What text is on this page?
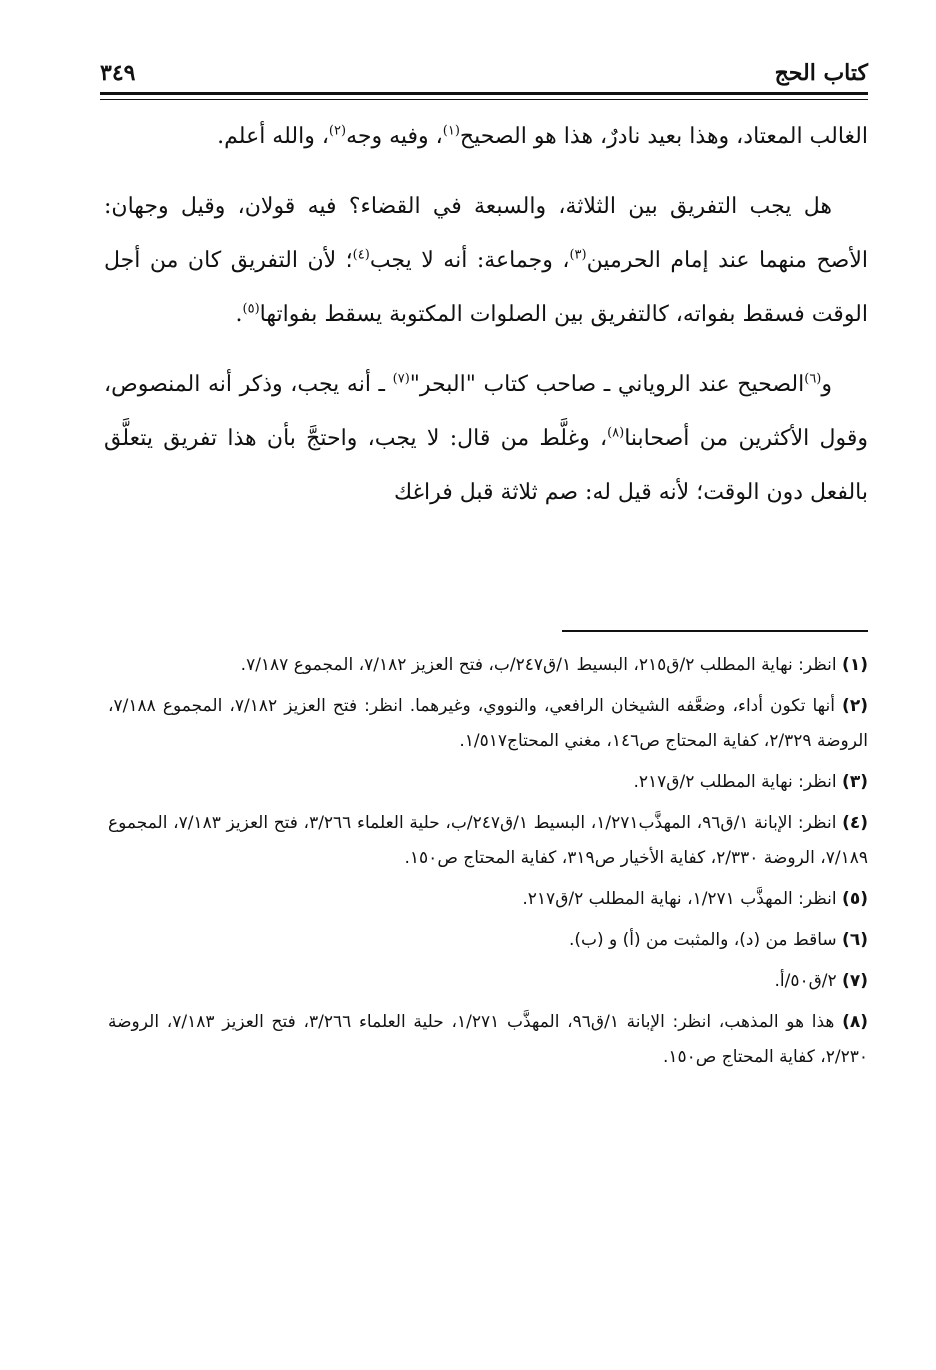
كتاب الحج
٣٤٩

الغالب المعتاد، وهذا بعيد نادرٌ، هذا هو الصحيح$^{(١)}$، وفيه وجه$^{(٢)}$، والله أعلم.

هل يجب التفريق بين الثلاثة، والسبعة في القضاء؟ فيه قولان، وقيل وجهان: الأصح منهما عند إمام الحرمين$^{(٣)}$، وجماعة: أنه لا يجب$^{(٤)}$؛ لأن التفريق كان من أجل الوقت فسقط بفواته، كالتفريق بين الصلوات المكتوبة يسقط بفواتها$^{(٥)}$.

و$^{(٦)}$الصحيح عند الروياني ـ صاحب كتاب "البحر"$^{(٧)}$ ـ أنه يجب، وذكر أنه المنصوص، وقول الأكثرين من أصحابنا$^{(٨)}$، وغلَّط من قال: لا يجب، واحتجَّ بأن هذا تفريق يتعلَّق بالفعل دون الوقت؛ لأنه قيل له: صم ثلاثة قبل فراغك

(١) انظر: نهاية المطلب ٢/ق٢١٥، البسيط ١/ق٢٤٧/ب، فتح العزيز ٧/١٨٢، المجموع ٧/١٨٧.

(٢) أنها تكون أداء، وضعَّفه الشيخان الرافعي، والنووي، وغيرهما. انظر: فتح العزيز ٧/١٨٢، المجموع ٧/١٨٨، الروضة ٢/٣٢٩، كفاية المحتاج ص١٤٦، مغني المحتاج١/٥١٧.

(٣) انظر: نهاية المطلب ٢/ق٢١٧.

(٤) انظر: الإبانة ١/ق٩٦، المهذَّب١/٢٧١، البسيط ١/ق٢٤٧/ب، حلية العلماء ٣/٢٦٦، فتح العزيز ٧/١٨٣، المجموع ٧/١٨٩، الروضة ٢/٣٣٠، كفاية الأخيار ص٣١٩، كفاية المحتاج ص١٥٠.

(٥) انظر: المهذَّب ١/٢٧١، نهاية المطلب ٢/ق٢١٧.

(٦) ساقط من (د)، والمثبت من (أ) و (ب).

(٧) ٢/ق٥٠/أ.

(٨) هذا هو المذهب، انظر: الإبانة ١/ق٩٦، المهذَّب ١/٢٧١، حلية العلماء ٣/٢٦٦، فتح العزيز ٧/١٨٣، الروضة ٢/٢٣٠، كفاية المحتاج ص١٥٠.
